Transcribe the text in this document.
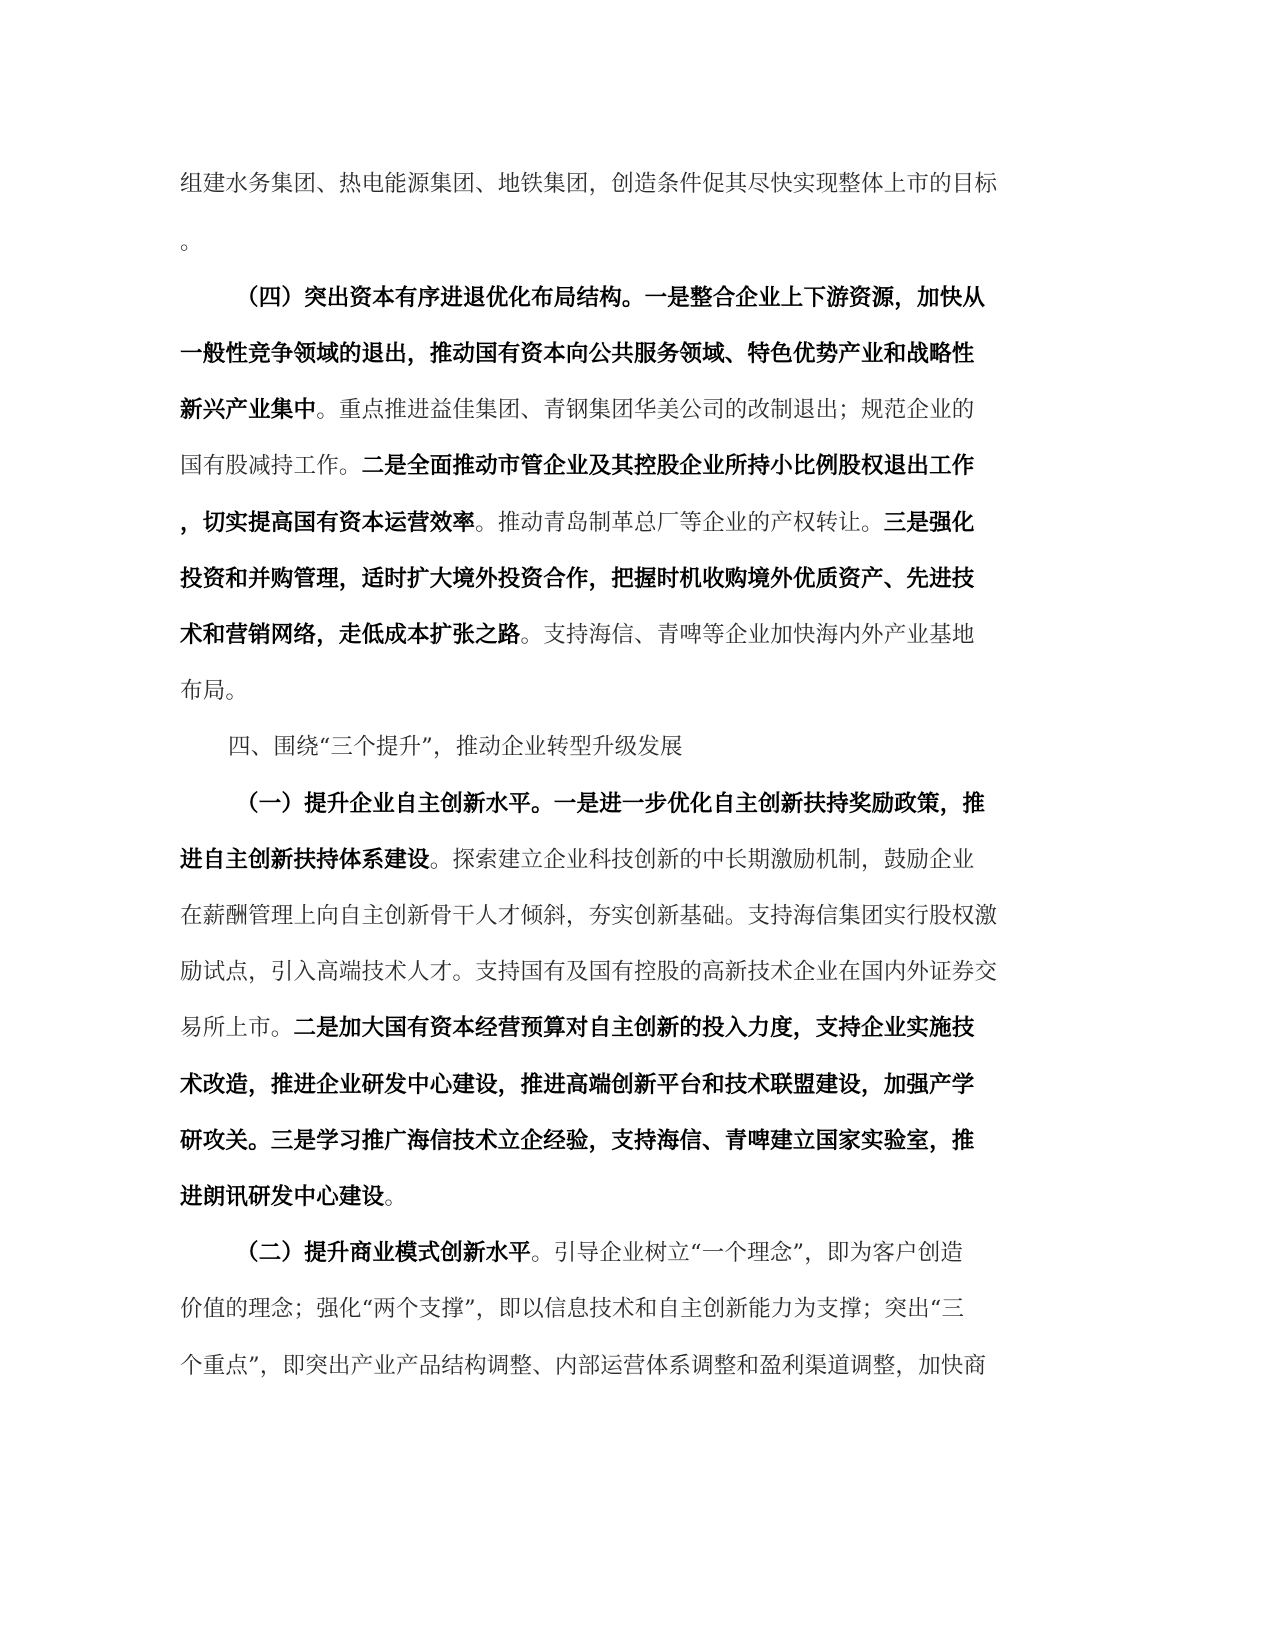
组建水务集团、热电能源集团、地铁集团，创造条件促其尽快实现整体上市的目标
。
（四）突出资本有序进退优化布局结构。一是整合企业上下游资源，加快从
一般性竞争领域的退出，推动国有资本向公共服务领域、特色优势产业和战略性
新兴产业集中。重点推进益佳集团、青钢集团华美公司的改制退出；规范企业的
国有股减持工作。二是全面推动市管企业及其控股企业所持小比例股权退出工作
，切实提高国有资本运营效率。推动青岛制革总厂等企业的产权转让。三是强化
投资和并购管理，适时扩大境外投资合作，把握时机收购境外优质资产、先进技
术和营销网络，走低成本扩张之路。支持海信、青啤等企业加快海内外产业基地
布局。
四、围绕“三个提升”，推动企业转型升级发展
（一）提升企业自主创新水平。一是进一步优化自主创新扶持奖励政策，推
进自主创新扶持体系建设。探索建立企业科技创新的中长期激励机制，鼓励企业
在薪酬管理上向自主创新骨干人才倾斜，夯实创新基础。支持海信集团实行股权激
励试点，引入高端技术人才。支持国有及国有控股的高新技术企业在国内外证券交
易所上市。二是加大国有资本经营预算对自主创新的投入力度，支持企业实施技
术改造，推进企业研发中心建设，推进高端创新平台和技术联盟建设，加强产学
研攻关。三是学习推广海信技术立企经验，支持海信、青啤建立国家实验室，推
进朗讯研发中心建设。
（二）提升商业模式创新水平。引导企业树立“一个理念”，即为客户创造
价值的理念；强化“两个支撑”，即以信息技术和自主创新能力为支撑；突出“三
个重点”，即突出产业产品结构调整、内部运营体系调整和盈利渠道调整，加快商
